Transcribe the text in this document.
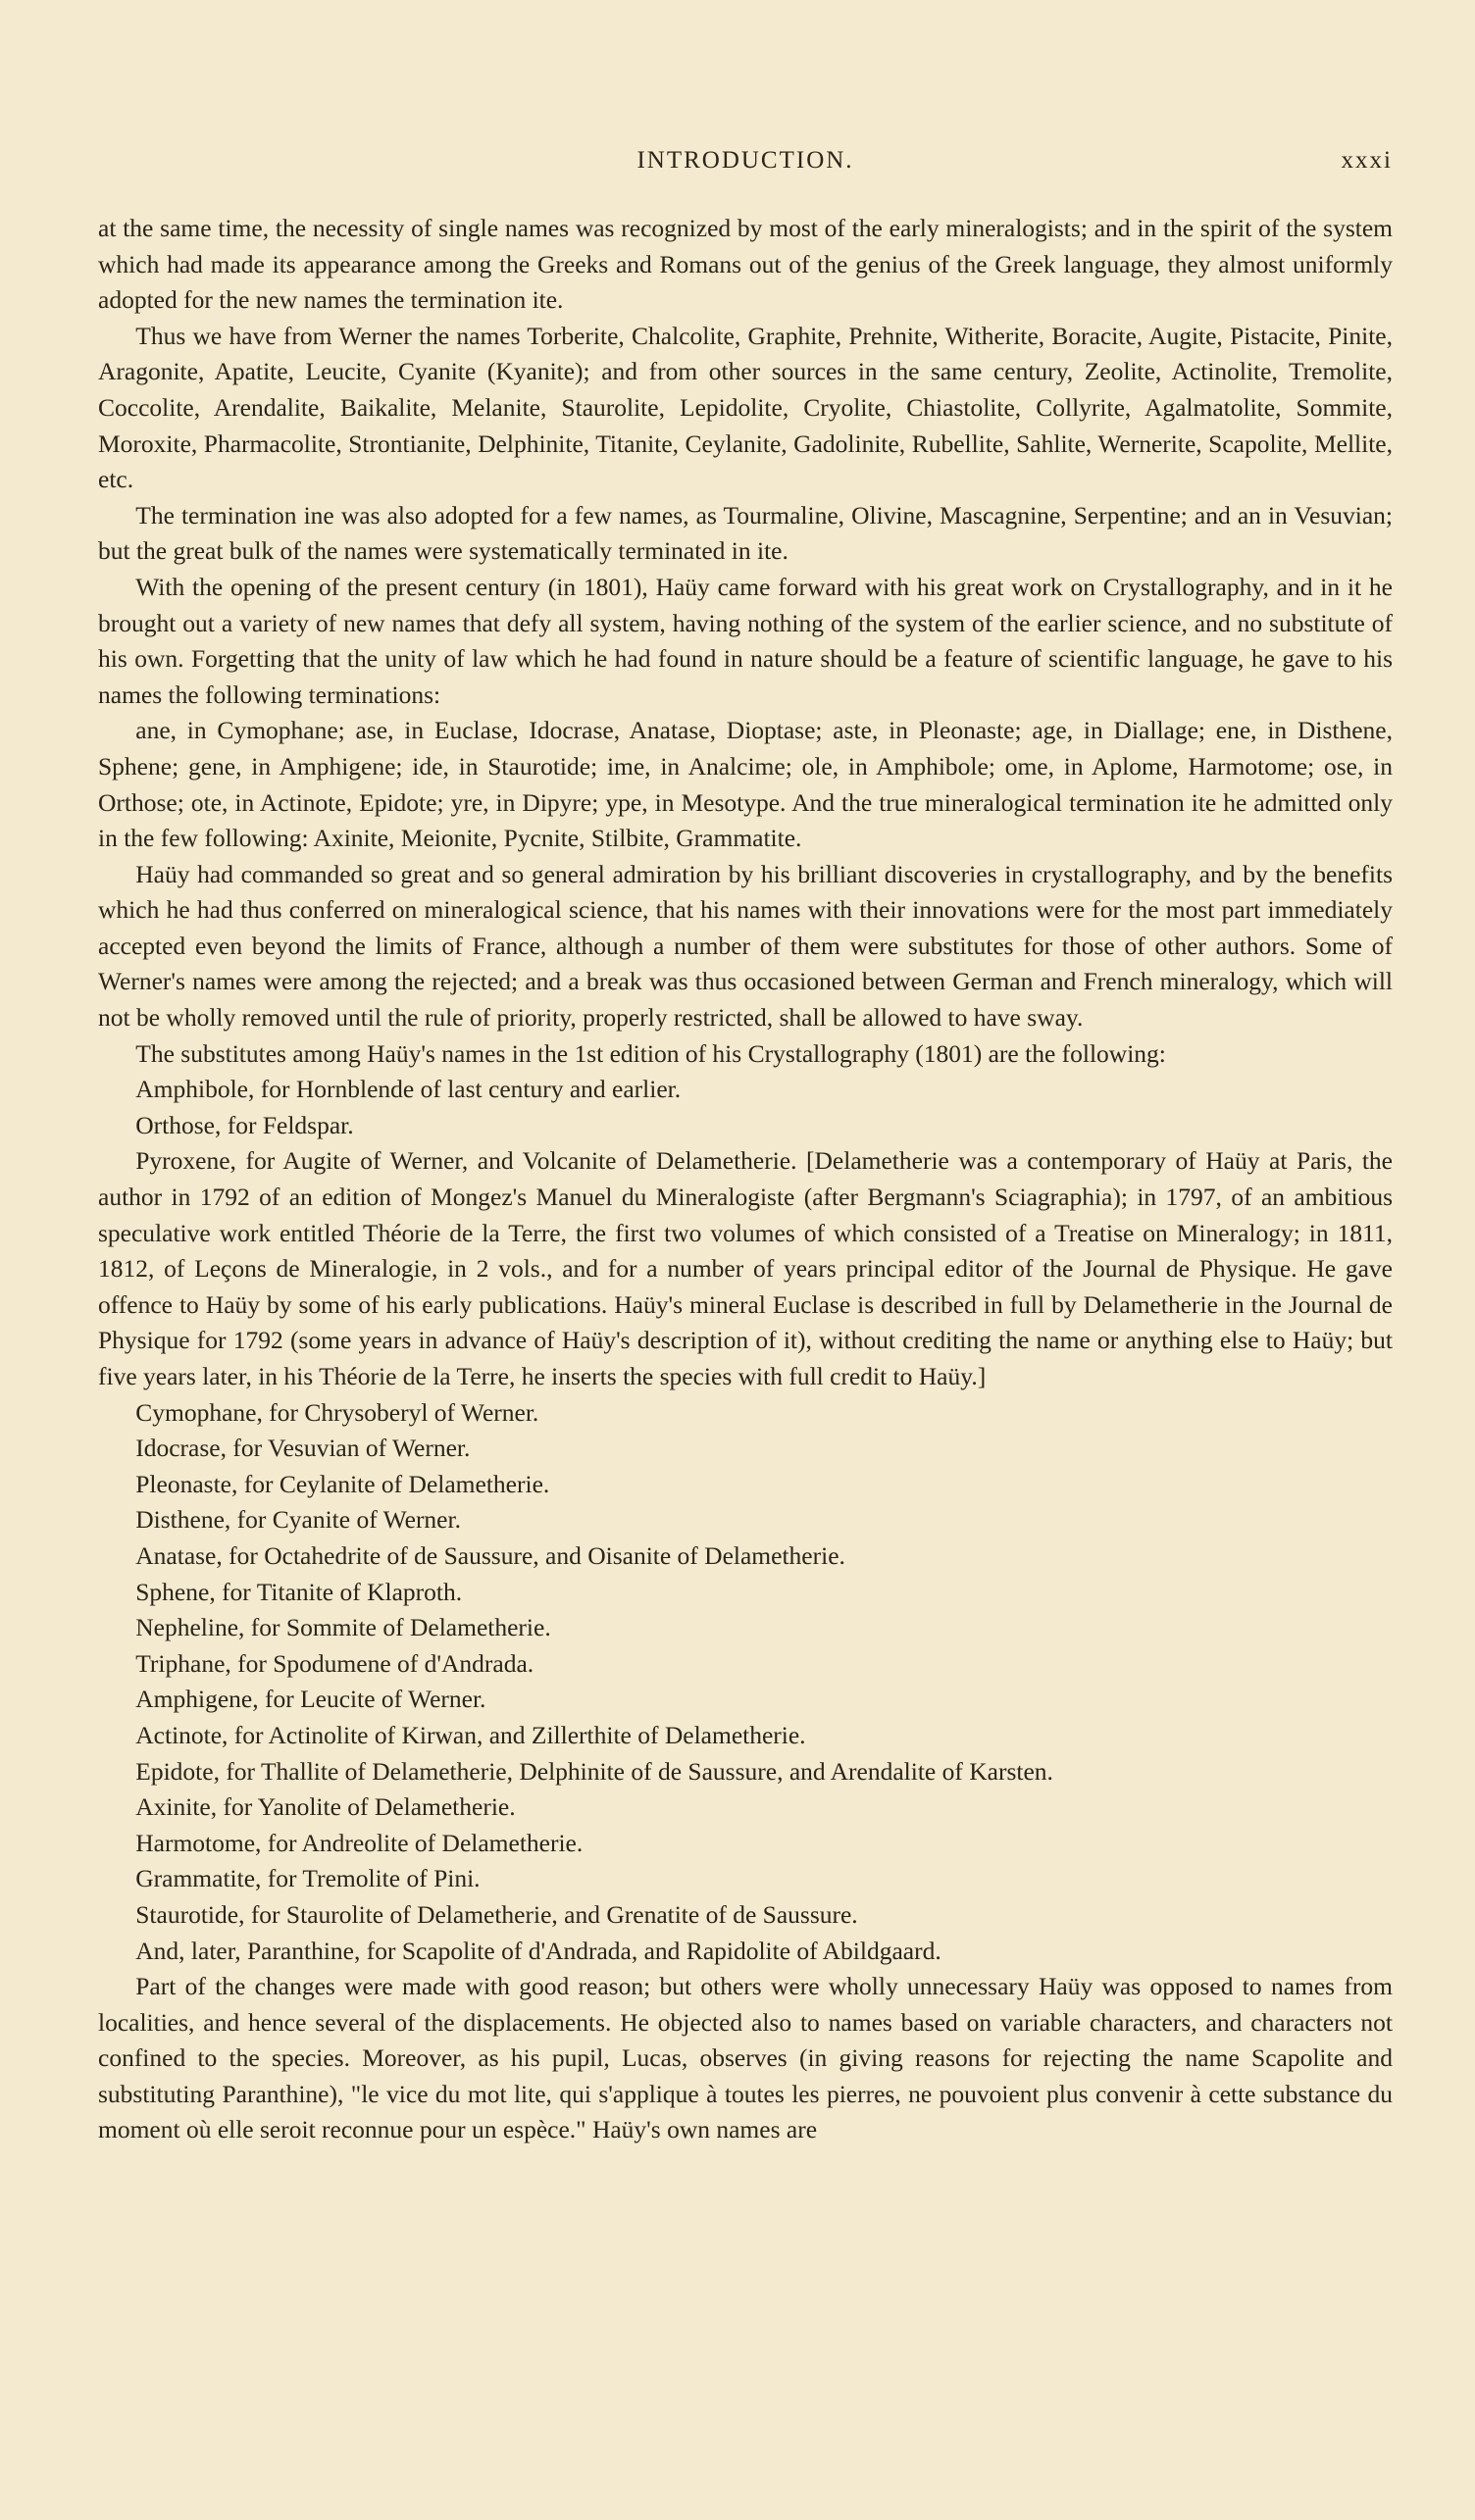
INTRODUCTION.	xxxi

at the same time, the necessity of single names was recognized by most of the early mineralogists; and in the spirit of the system which had made its appearance among the Greeks and Romans out of the genius of the Greek language, they almost uniformly adopted for the new names the termination ite.

Thus we have from Werner the names Torberite, Chalcolite, Graphite, Prehnite, Witherite, Boracite, Augite, Pistacite, Pinite, Aragonite, Apatite, Leucite, Cyanite (Kyanite); and from other sources in the same century, Zeolite, Actinolite, Tremolite, Coccolite, Arendalite, Baikalite, Melanite, Staurolite, Lepidolite, Cryolite, Chiastolite, Collyrite, Agalmatolite, Sommite, Moroxite, Pharmacolite, Strontianite, Delphinite, Titanite, Ceylanite, Gadolinite, Rubellite, Sahlite, Wernerite, Scapolite, Mellite, etc.

The termination ine was also adopted for a few names, as Tourmaline, Olivine, Mascagnine, Serpentine; and an in Vesuvian; but the great bulk of the names were systematically terminated in ite.

With the opening of the present century (in 1801), Haüy came forward with his great work on Crystallography, and in it he brought out a variety of new names that defy all system, having nothing of the system of the earlier science, and no substitute of his own. Forgetting that the unity of law which he had found in nature should be a feature of scientific language, he gave to his names the following terminations:

ane, in Cymophane; ase, in Euclase, Idocrase, Anatase, Dioptase; aste, in Pleonaste; age, in Diallage; ene, in Disthene, Sphene; gene, in Amphigene; ide, in Staurotide; ime, in Analcime; ole, in Amphibole; ome, in Aplome, Harmotome; ose, in Orthose; ote, in Actinote, Epidote; yre, in Dipyre; ype, in Mesotype. And the true mineralogical termination ite he admitted only in the few following: Axinite, Meionite, Pycnite, Stilbite, Grammatite.

Haüy had commanded so great and so general admiration by his brilliant discoveries in crystallography, and by the benefits which he had thus conferred on mineralogical science, that his names with their innovations were for the most part immediately accepted even beyond the limits of France, although a number of them were substitutes for those of other authors. Some of Werner's names were among the rejected; and a break was thus occasioned between German and French mineralogy, which will not be wholly removed until the rule of priority, properly restricted, shall be allowed to have sway.

The substitutes among Haüy's names in the 1st edition of his Crystallography (1801) are the following:

Amphibole, for Hornblende of last century and earlier.

Orthose, for Feldspar.

Pyroxene, for Augite of Werner, and Volcanite of Delametherie. [Delametherie was a contemporary of Haüy at Paris, the author in 1792 of an edition of Mongez's Manuel du Mineralogiste (after Bergmann's Sciagraphia); in 1797, of an ambitious speculative work entitled Théorie de la Terre, the first two volumes of which consisted of a Treatise on Mineralogy; in 1811, 1812, of Leçons de Mineralogie, in 2 vols., and for a number of years principal editor of the Journal de Physique. He gave offence to Haüy by some of his early publications. Haüy's mineral Euclase is described in full by Delametherie in the Journal de Physique for 1792 (some years in advance of Haüy's description of it), without crediting the name or anything else to Haüy; but five years later, in his Théorie de la Terre, he inserts the species with full credit to Haüy.]

Cymophane, for Chrysoberyl of Werner.

Idocrase, for Vesuvian of Werner.

Pleonaste, for Ceylanite of Delametherie.

Disthene, for Cyanite of Werner.

Anatase, for Octahedrite of de Saussure, and Oisanite of Delametherie.

Sphene, for Titanite of Klaproth.

Nepheline, for Sommite of Delametherie.

Triphane, for Spodumene of d'Andrada.

Amphigene, for Leucite of Werner.

Actinote, for Actinolite of Kirwan, and Zillerthite of Delametherie.

Epidote, for Thallite of Delametherie, Delphinite of de Saussure, and Arendalite of Karsten.

Axinite, for Yanolite of Delametherie.

Harmotome, for Andreolite of Delametherie.

Grammatite, for Tremolite of Pini.

Staurotide, for Staurolite of Delametherie, and Grenatite of de Saussure.

And, later, Paranthine, for Scapolite of d'Andrada, and Rapidolite of Abildgaard.

Part of the changes were made with good reason; but others were wholly unnecessary Haüy was opposed to names from localities, and hence several of the displacements. He objected also to names based on variable characters, and characters not confined to the species. Moreover, as his pupil, Lucas, observes (in giving reasons for rejecting the name Scapolite and substituting Paranthine), "le vice du mot lite, qui s'applique à toutes les pierres, ne pouvoient plus convenir à cette substance du moment où elle seroit reconnue pour un espèce." Haüy's own names are
